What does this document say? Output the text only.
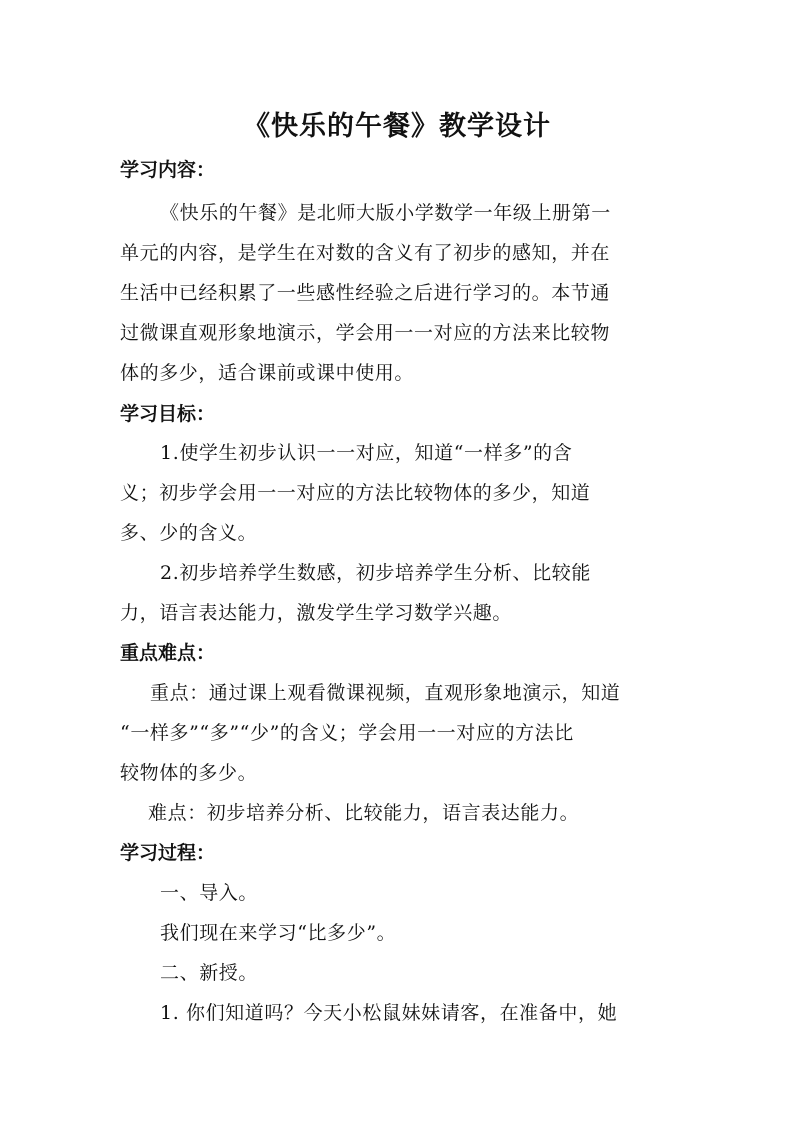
《快乐的午餐》教学设计
学习内容：
《快乐的午餐》是北师大版小学数学一年级上册第一
单元的内容，是学生在对数的含义有了初步的感知，并在
生活中已经积累了一些感性经验之后进行学习的。本节通
过微课直观形象地演示，学会用一一对应的方法来比较物
体的多少，适合课前或课中使用。
学习目标：
1.使学生初步认识一一对应，知道“一样多”的含
义；初步学会用一一对应的方法比较物体的多少，知道
多、少的含义。
2.初步培养学生数感，初步培养学生分析、比较能
力，语言表达能力，激发学生学习数学兴趣。
重点难点：
重点：通过课上观看微课视频，直观形象地演示，知道
“一样多”“多”“少”的含义；学会用一一对应的方法比
较物体的多少。
难点：初步培养分析、比较能力，语言表达能力。
学习过程：
一、导入。
我们现在来学习“比多少”。
二、新授。
1. 你们知道吗？今天小松鼠妹妹请客，在准备中，她
